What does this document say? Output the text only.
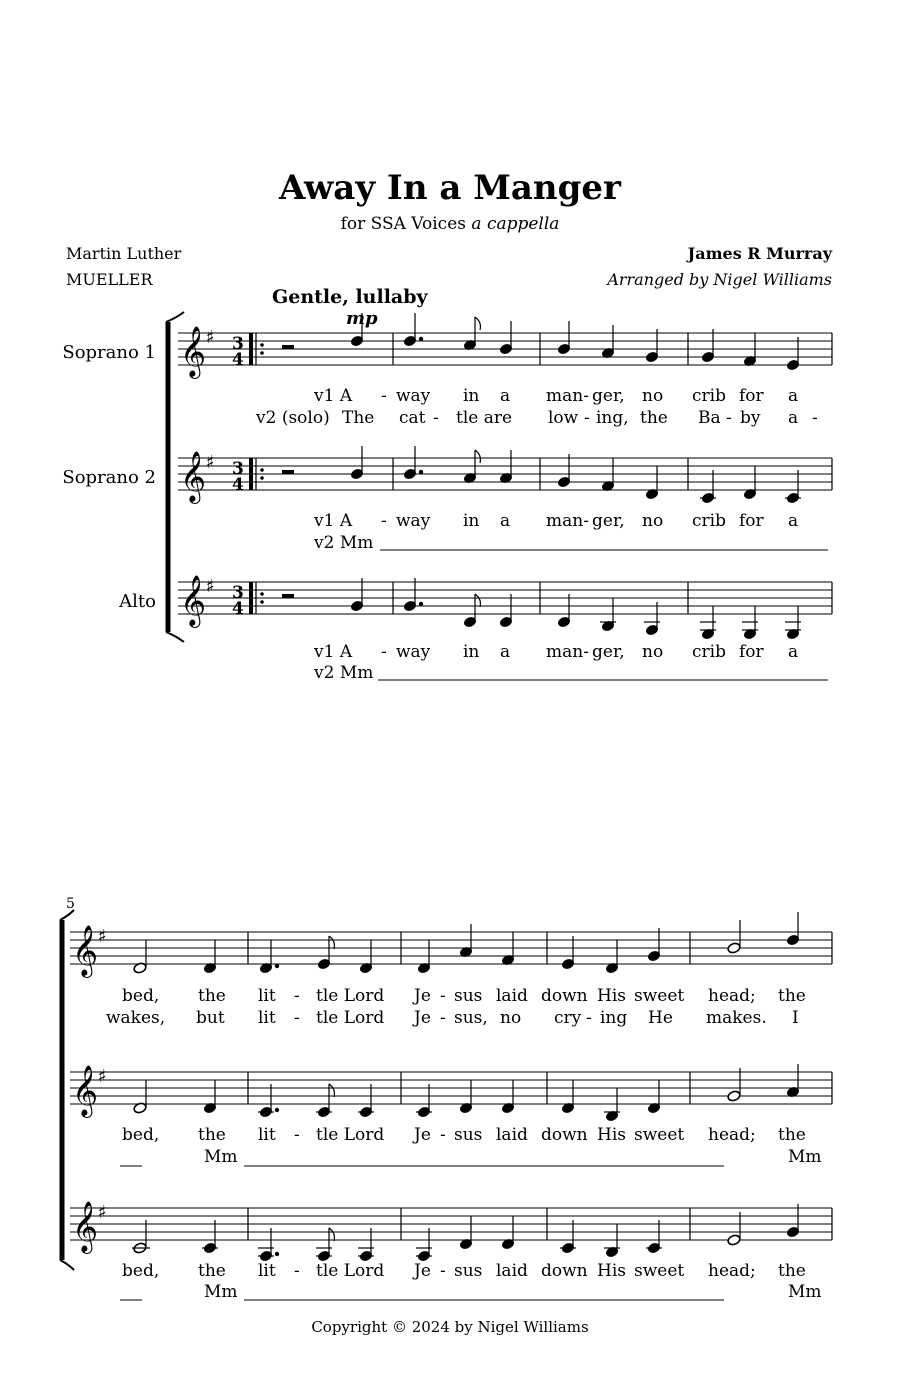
Away In a Manger
for SSA Voices a cappella
Martin Luther
MUELLER
James R Murray
Arranged by Nigel Williams
Gentle, lullaby
mp
Soprano 1
Soprano 2
Alto
5
𝄞 ♯ 3
4
𝄞 ♯ 3
4
𝄞 ♯ 3
4
𝄞 ♯
𝄞 ♯
𝄞 ♯
v1 A - way in a man- ger, no crib for a
v2 (solo) The cat - tle are low - ing, the Ba - by a -
v1 A - way in a man- ger, no crib for a
v2 Mm
v1 A - way in a man- ger, no crib for a
v2 Mm
bed, the lit - tle Lord Je - sus laid down His sweet head; the
wakes, but lit - tle Lord Je - sus, no cry - ing He makes. I
bed, the lit - tle Lord Je - sus laid down His sweet head; the
Mm	Mm
bed, the lit - tle Lord Je - sus laid down His sweet head; the
Mm	Mm
Copyright © 2024 by Nigel Williams
